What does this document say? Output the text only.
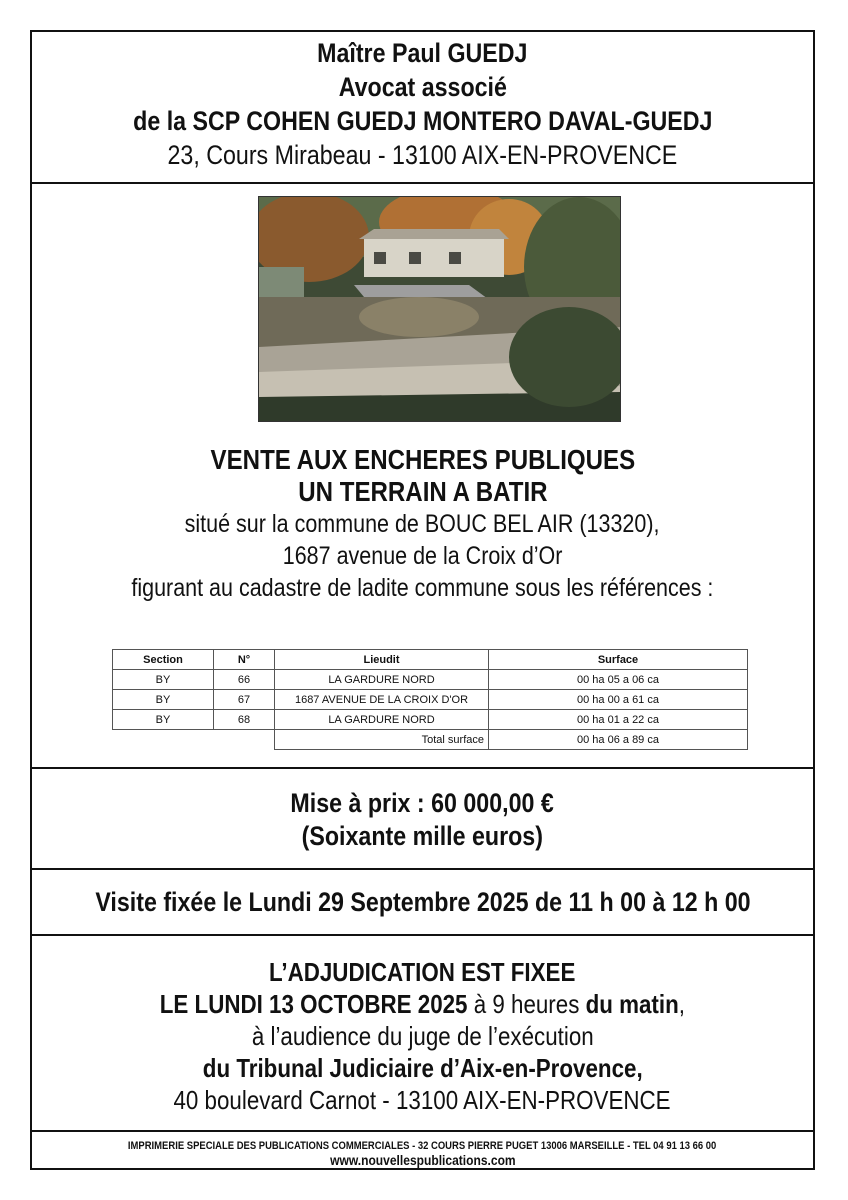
Maître Paul GUEDJ
Avocat associé
de la SCP COHEN GUEDJ MONTERO DAVAL-GUEDJ
23, Cours Mirabeau - 13100 AIX-EN-PROVENCE
VENTE AUX ENCHERES PUBLIQUES
UN TERRAIN A BATIR
situé sur la commune de BOUC BEL AIR (13320),
1687 avenue de la Croix d’Or
figurant au cadastre de ladite commune sous les références :
Section	N°	Lieudit	Surface
BY	66	LA GARDURE NORD	00 ha 05 a 06 ca
BY	67	1687 AVENUE DE LA CROIX D'OR	00 ha 00 a 61 ca
BY	68	LA GARDURE NORD	00 ha 01 a 22 ca
		Total surface	00 ha 06 a 89 ca
Mise à prix : 60 000,00 €
(Soixante mille euros)
Visite fixée le Lundi 29 Septembre 2025 de 11 h 00 à 12 h 00
L’ADJUDICATION EST FIXEE
LE LUNDI 13 OCTOBRE 2025 à 9 heures du matin,
à l’audience du juge de l’exécution
du Tribunal Judiciaire d’Aix-en-Provence,
40 boulevard Carnot - 13100 AIX-EN-PROVENCE
IMPRIMERIE SPECIALE DES PUBLICATIONS COMMERCIALES - 32 COURS PIERRE PUGET 13006 MARSEILLE - TEL 04 91 13 66 00
www.nouvellespublications.com
